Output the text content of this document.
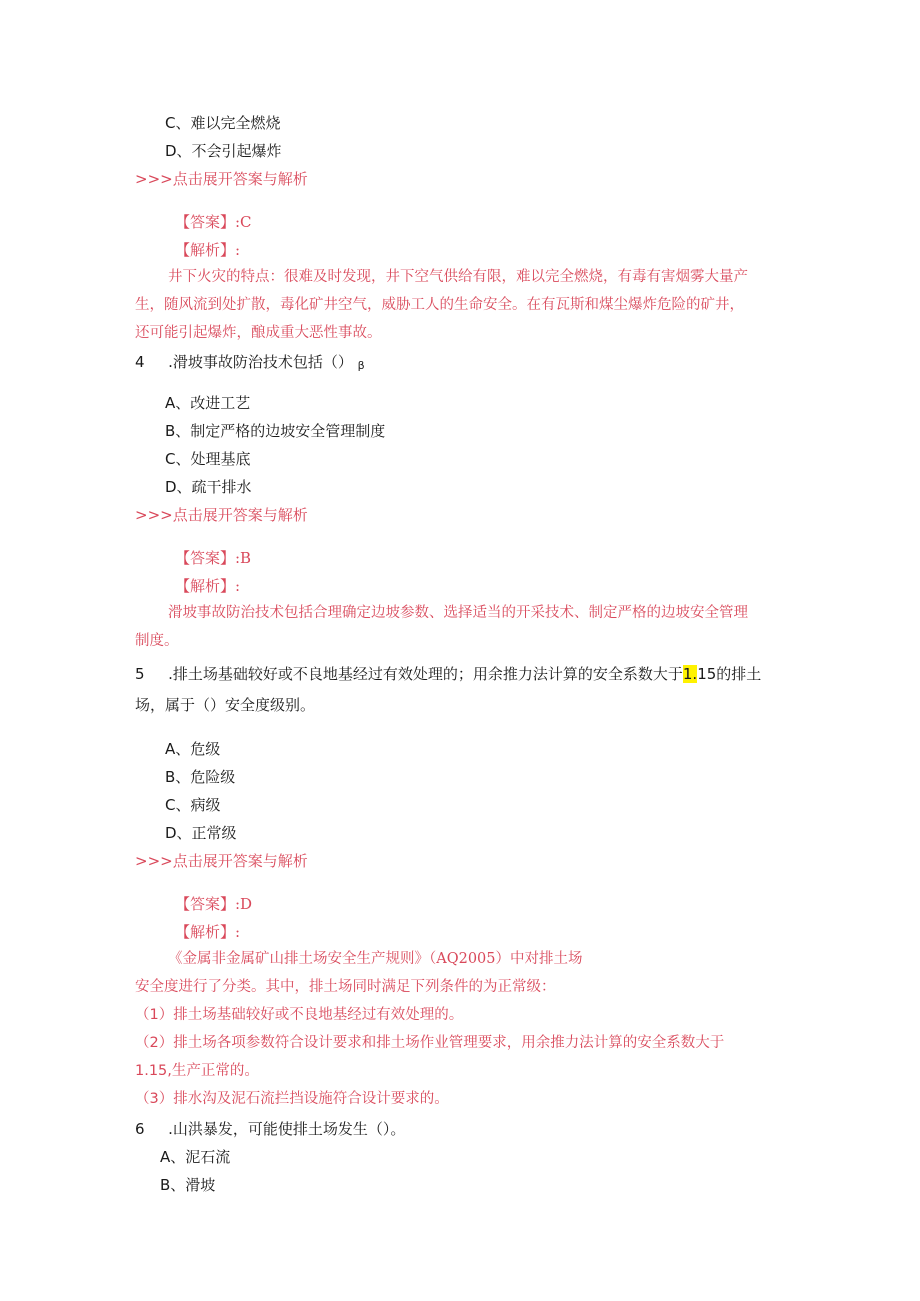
C、难以完全燃烧
D、不会引起爆炸
>>>点击展开答案与解析
【答案】:C
【解析】:
井下火灾的特点：很难及时发现，井下空气供给有限，难以完全燃烧，有毒有害烟雾大量产
生，随风流到处扩散，毒化矿井空气，威胁工人的生命安全。在有瓦斯和煤尘爆炸危险的矿井，
还可能引起爆炸，酿成重大恶性事故。
4 .滑坡事故防治技术包括（） β
A、改进工艺
B、制定严格的边坡安全管理制度
C、处理基底
D、疏干排水
>>>点击展开答案与解析
【答案】:B
【解析】:
滑坡事故防治技术包括合理确定边坡参数、选择适当的开采技术、制定严格的边坡安全管理
制度。
5 .排土场基础较好或不良地基经过有效处理的；用余推力法计算的安全系数大于1.15的排土
场，属于（）安全度级别。
A、危级
B、危险级
C、病级
D、正常级
>>>点击展开答案与解析
【答案】:D
【解析】:
《金属非金属矿山排土场安全生产规则》（AQ2005）中对排土场
安全度进行了分类。其中，排土场同时满足下列条件的为正常级：
（1）排土场基础较好或不良地基经过有效处理的。
（2）排土场各项参数符合设计要求和排土场作业管理要求，用余推力法计算的安全系数大于
1.15,生产正常的。
（3）排水沟及泥石流拦挡设施符合设计要求的。
6 .山洪暴发，可能使排土场发生（）。
A、泥石流
B、滑坡
